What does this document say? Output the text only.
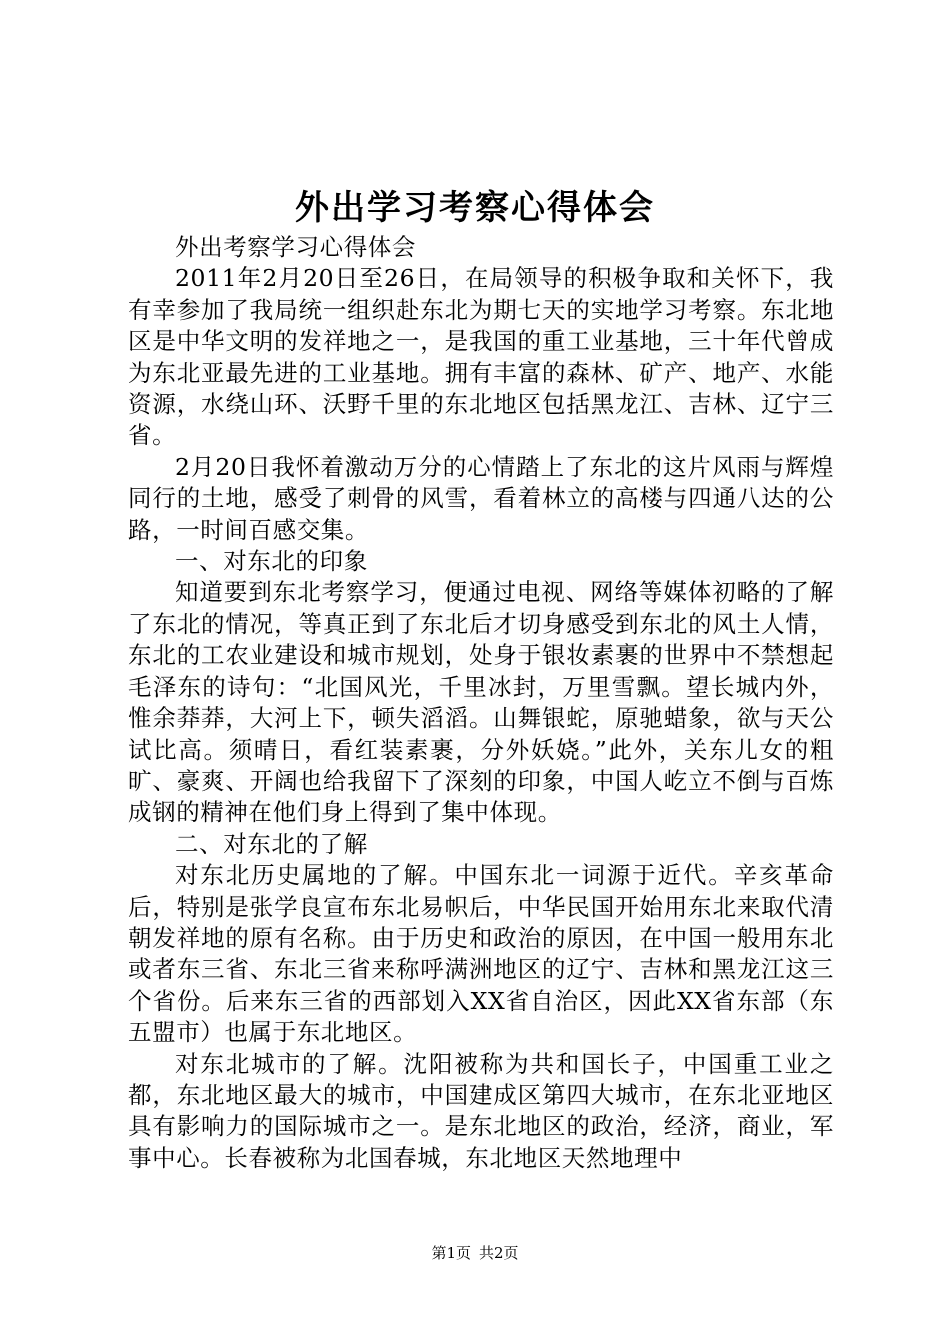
外出学习考察心得体会

外出考察学习心得体会

2011年2月20日至26日，在局领导的积极争取和关怀下，我有幸参加了我局统一组织赴东北为期七天的实地学习考察。东北地区是中华文明的发祥地之一，是我国的重工业基地，三十年代曾成为东北亚最先进的工业基地。拥有丰富的森林、矿产、地产、水能资源，水绕山环、沃野千里的东北地区包括黑龙江、吉林、辽宁三省。

2月20日我怀着激动万分的心情踏上了东北的这片风雨与辉煌同行的土地，感受了刺骨的风雪，看着林立的高楼与四通八达的公路，一时间百感交集。

一、对东北的印象

知道要到东北考察学习，便通过电视、网络等媒体初略的了解了东北的情况，等真正到了东北后才切身感受到东北的风土人情，东北的工农业建设和城市规划，处身于银妆素裹的世界中不禁想起毛泽东的诗句：“北国风光，千里冰封，万里雪飘。望长城内外，惟余莽莽，大河上下，顿失滔滔。山舞银蛇，原驰蜡象，欲与天公试比高。须晴日，看红装素裹，分外妖娆。”此外，关东儿女的粗旷、豪爽、开阔也给我留下了深刻的印象，中国人屹立不倒与百炼成钢的精神在他们身上得到了集中体现。

二、对东北的了解

对东北历史属地的了解。中国东北一词源于近代。辛亥革命后，特别是张学良宣布东北易帜后，中华民国开始用东北来取代清朝发祥地的原有名称。由于历史和政治的原因，在中国一般用东北或者东三省、东北三省来称呼满洲地区的辽宁、吉林和黑龙江这三个省份。后来东三省的西部划入XX省自治区，因此XX省东部（东五盟市）也属于东北地区。

对东北城市的了解。沈阳被称为共和国长子，中国重工业之都，东北地区最大的城市，中国建成区第四大城市，在东北亚地区具有影响力的国际城市之一。是东北地区的政治，经济，商业，军事中心。长春被称为北国春城，东北地区天然地理中

第1页 共2页
